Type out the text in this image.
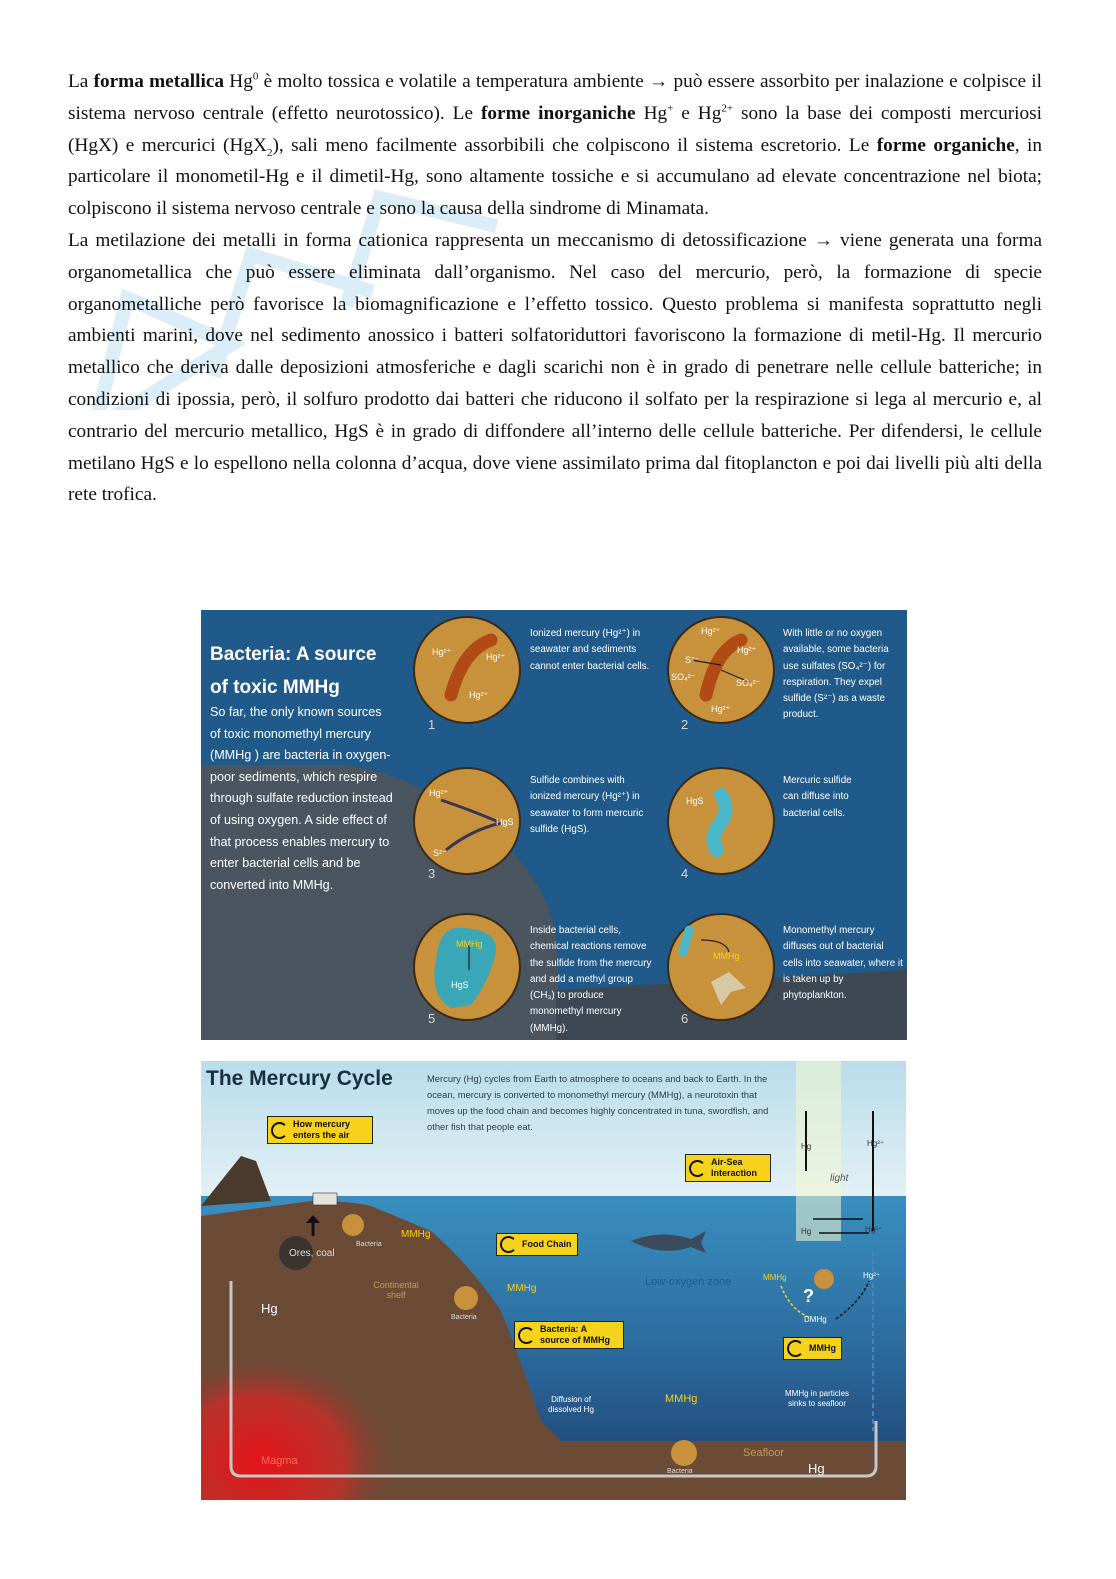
La forma metallica Hg$^0$ è molto tossica e volatile a temperatura ambiente → può essere assorbito per inalazione e colpisce il sistema nervoso centrale (effetto neurotossico). Le forme inorganiche Hg+ e $Hg^{2+}$ sono la base dei composti mercuriosi (HgX) e mercurici (HgX$_2$), sali meno facilmente assorbibili che colpiscono il sistema escretorio. Le forme organiche, in particolare il monometil-Hg e il dimetil-Hg, sono altamente tossiche e si accumulano ad elevate concentrazione nel biota; colpiscono il sistema nervoso centrale e sono la causa della sindrome di Minamata.

La metilazione dei metalli in forma cationica rappresenta un meccanismo di detossificazione → viene generata una forma organometallica che può essere eliminata dall’organismo. Nel caso del mercurio, però, la formazione di specie organometalliche però favorisce la biomagnificazione e l’effetto tossico. Questo problema si manifesta soprattutto negli ambienti marini, dove nel sedimento anossico i batteri solfatoriduttori favoriscono la formazione di metil-Hg. Il mercurio metallico che deriva dalle deposizioni atmosferiche e dagli scarichi non è in grado di penetrare nelle cellule batteriche; in condizioni di ipossia, però, il solfuro prodotto dai batteri che riducono il solfato per la respirazione si lega al mercurio e, al contrario del mercurio metallico, HgS è in grado di diffondere all’interno delle cellule batteriche. Per difendersi, le cellule metilano HgS e lo espellono nella colonna d’acqua, dove viene assimilato prima dal fitoplancton e poi dai livelli più alti della rete trofica.

Bacteria: A source
of toxic MMHg
So far, the only known sources of toxic monomethyl mercury (MMHg ) are bacteria in oxygen-poor sediments, which respire through sulfate reduction instead of using oxygen. A side effect of that process enables mercury to enter bacterial cells and be converted into MMHg.
Hg²⁺	Hg²⁺
Hg²⁺
Hg²⁺
Hg²⁺
S²⁻
SO₄²⁻
SO₄²⁻
Hg²⁺
Hg²⁺
S²⁻
HgS
HgS
MMHg
HgS
MMHg
1	2
3	4
5	6
Ionized mercury (Hg²⁺) in seawater and sediments cannot enter bacterial cells.
With little or no oxygen available, some bacteria use sulfates (SO₄²⁻) for respiration. They expel sulfide (S²⁻) as a waste product.
Sulfide combines with ionized mercury (Hg²⁺) in seawater to form mercuric sulfide (HgS).
Mercuric sulfide can diffuse into bacterial cells.
Inside bacterial cells, chemical reactions remove the sulfide from the mercury and add a methyl group (CH₃) to produce monomethyl mercury (MMHg).
Monomethyl mercury diffuses out of bacterial cells into seawater, where it is taken up by phytoplankton.
The Mercury Cycle	Mercury (Hg) cycles from Earth to atmosphere to oceans and back to Earth. In the ocean, mercury is converted to monomethyl mercury (MMHg), a neurotoxin that moves up the food chain and becomes highly concentrated in tuna, swordfish, and other fish that people eat.
How mercury enters the air
Air-Sea Interaction
Food Chain
Bacteria: A source of MMHg
MMHg
Ores, coal
Bacteria
MMHg
Continental shelf
Bacteria
MMHg
Hg
Low-oxygen zone
light
Hg	Hg²⁺
Hg	Hg²⁺
Hg²⁺
MMHg
?
DMHg
Diffusion of dissolved Hg
MMHg	MMHg in particles sinks to seafloor
Bacteria
Seafloor
Hg
Magma
